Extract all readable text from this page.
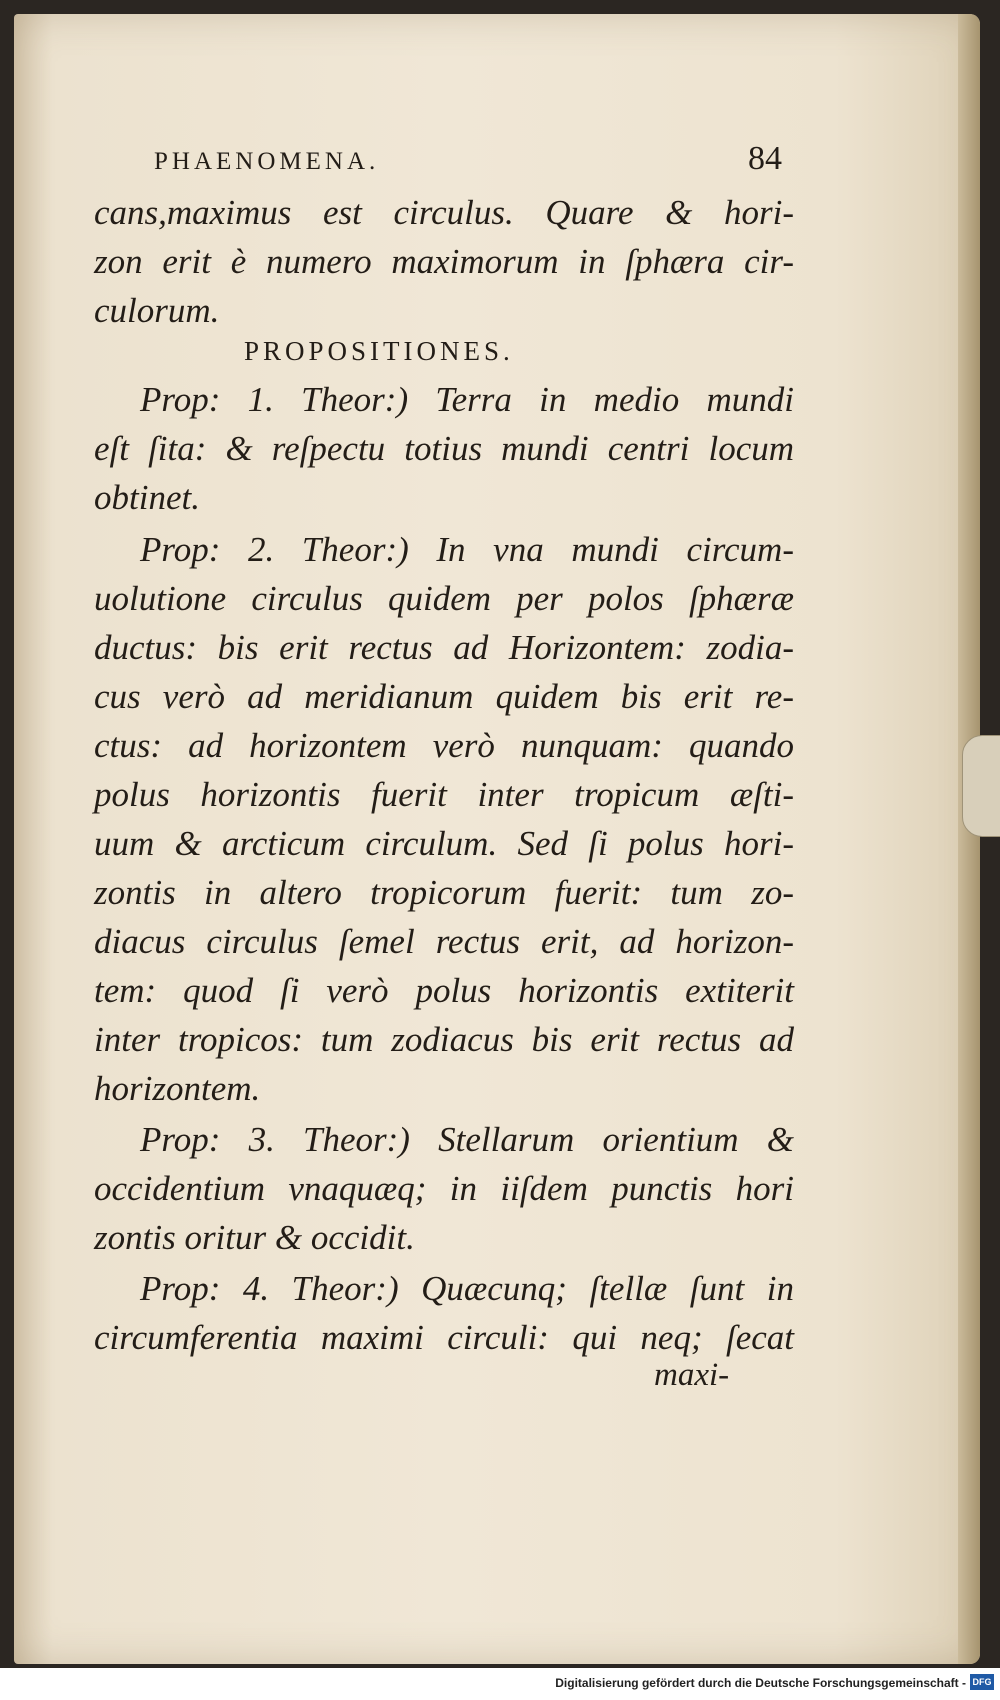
PHAENOMENA.	84
cans,maximus est circulus. Quare & hori-
zon erit è numero maximorum in ſphæra cir-
culorum.
PROPOSITIONES.
Prop: 1. Theor:) Terra in medio mundi
eſt ſita: & reſpectu totius mundi centri locum
obtinet.
Prop: 2. Theor:) In vna mundi circum-
uolutione circulus quidem per polos ſphæræ
ductus: bis erit rectus ad Horizontem: zodia-
cus verò ad meridianum quidem bis erit re-
ctus: ad horizontem verò nunquam: quando
polus horizontis fuerit inter tropicum æſti-
uum & arcticum circulum. Sed ſi polus hori-
zontis in altero tropicorum fuerit: tum zo-
diacus circulus ſemel rectus erit, ad horizon-
tem: quod ſi verò polus horizontis extiterit
inter tropicos: tum zodiacus bis erit rectus ad
horizontem.
Prop: 3. Theor:) Stellarum orientium &
occidentium vnaquæq; in iiſdem punctis hori
zontis oritur & occidit.
Prop: 4. Theor:) Quæcunq; ſtellæ ſunt in
circumferentia maximi circuli: qui neq; ſecat
maxi-
Digitalisierung gefördert durch die Deutsche Forschungsgemeinschaft - DFG
